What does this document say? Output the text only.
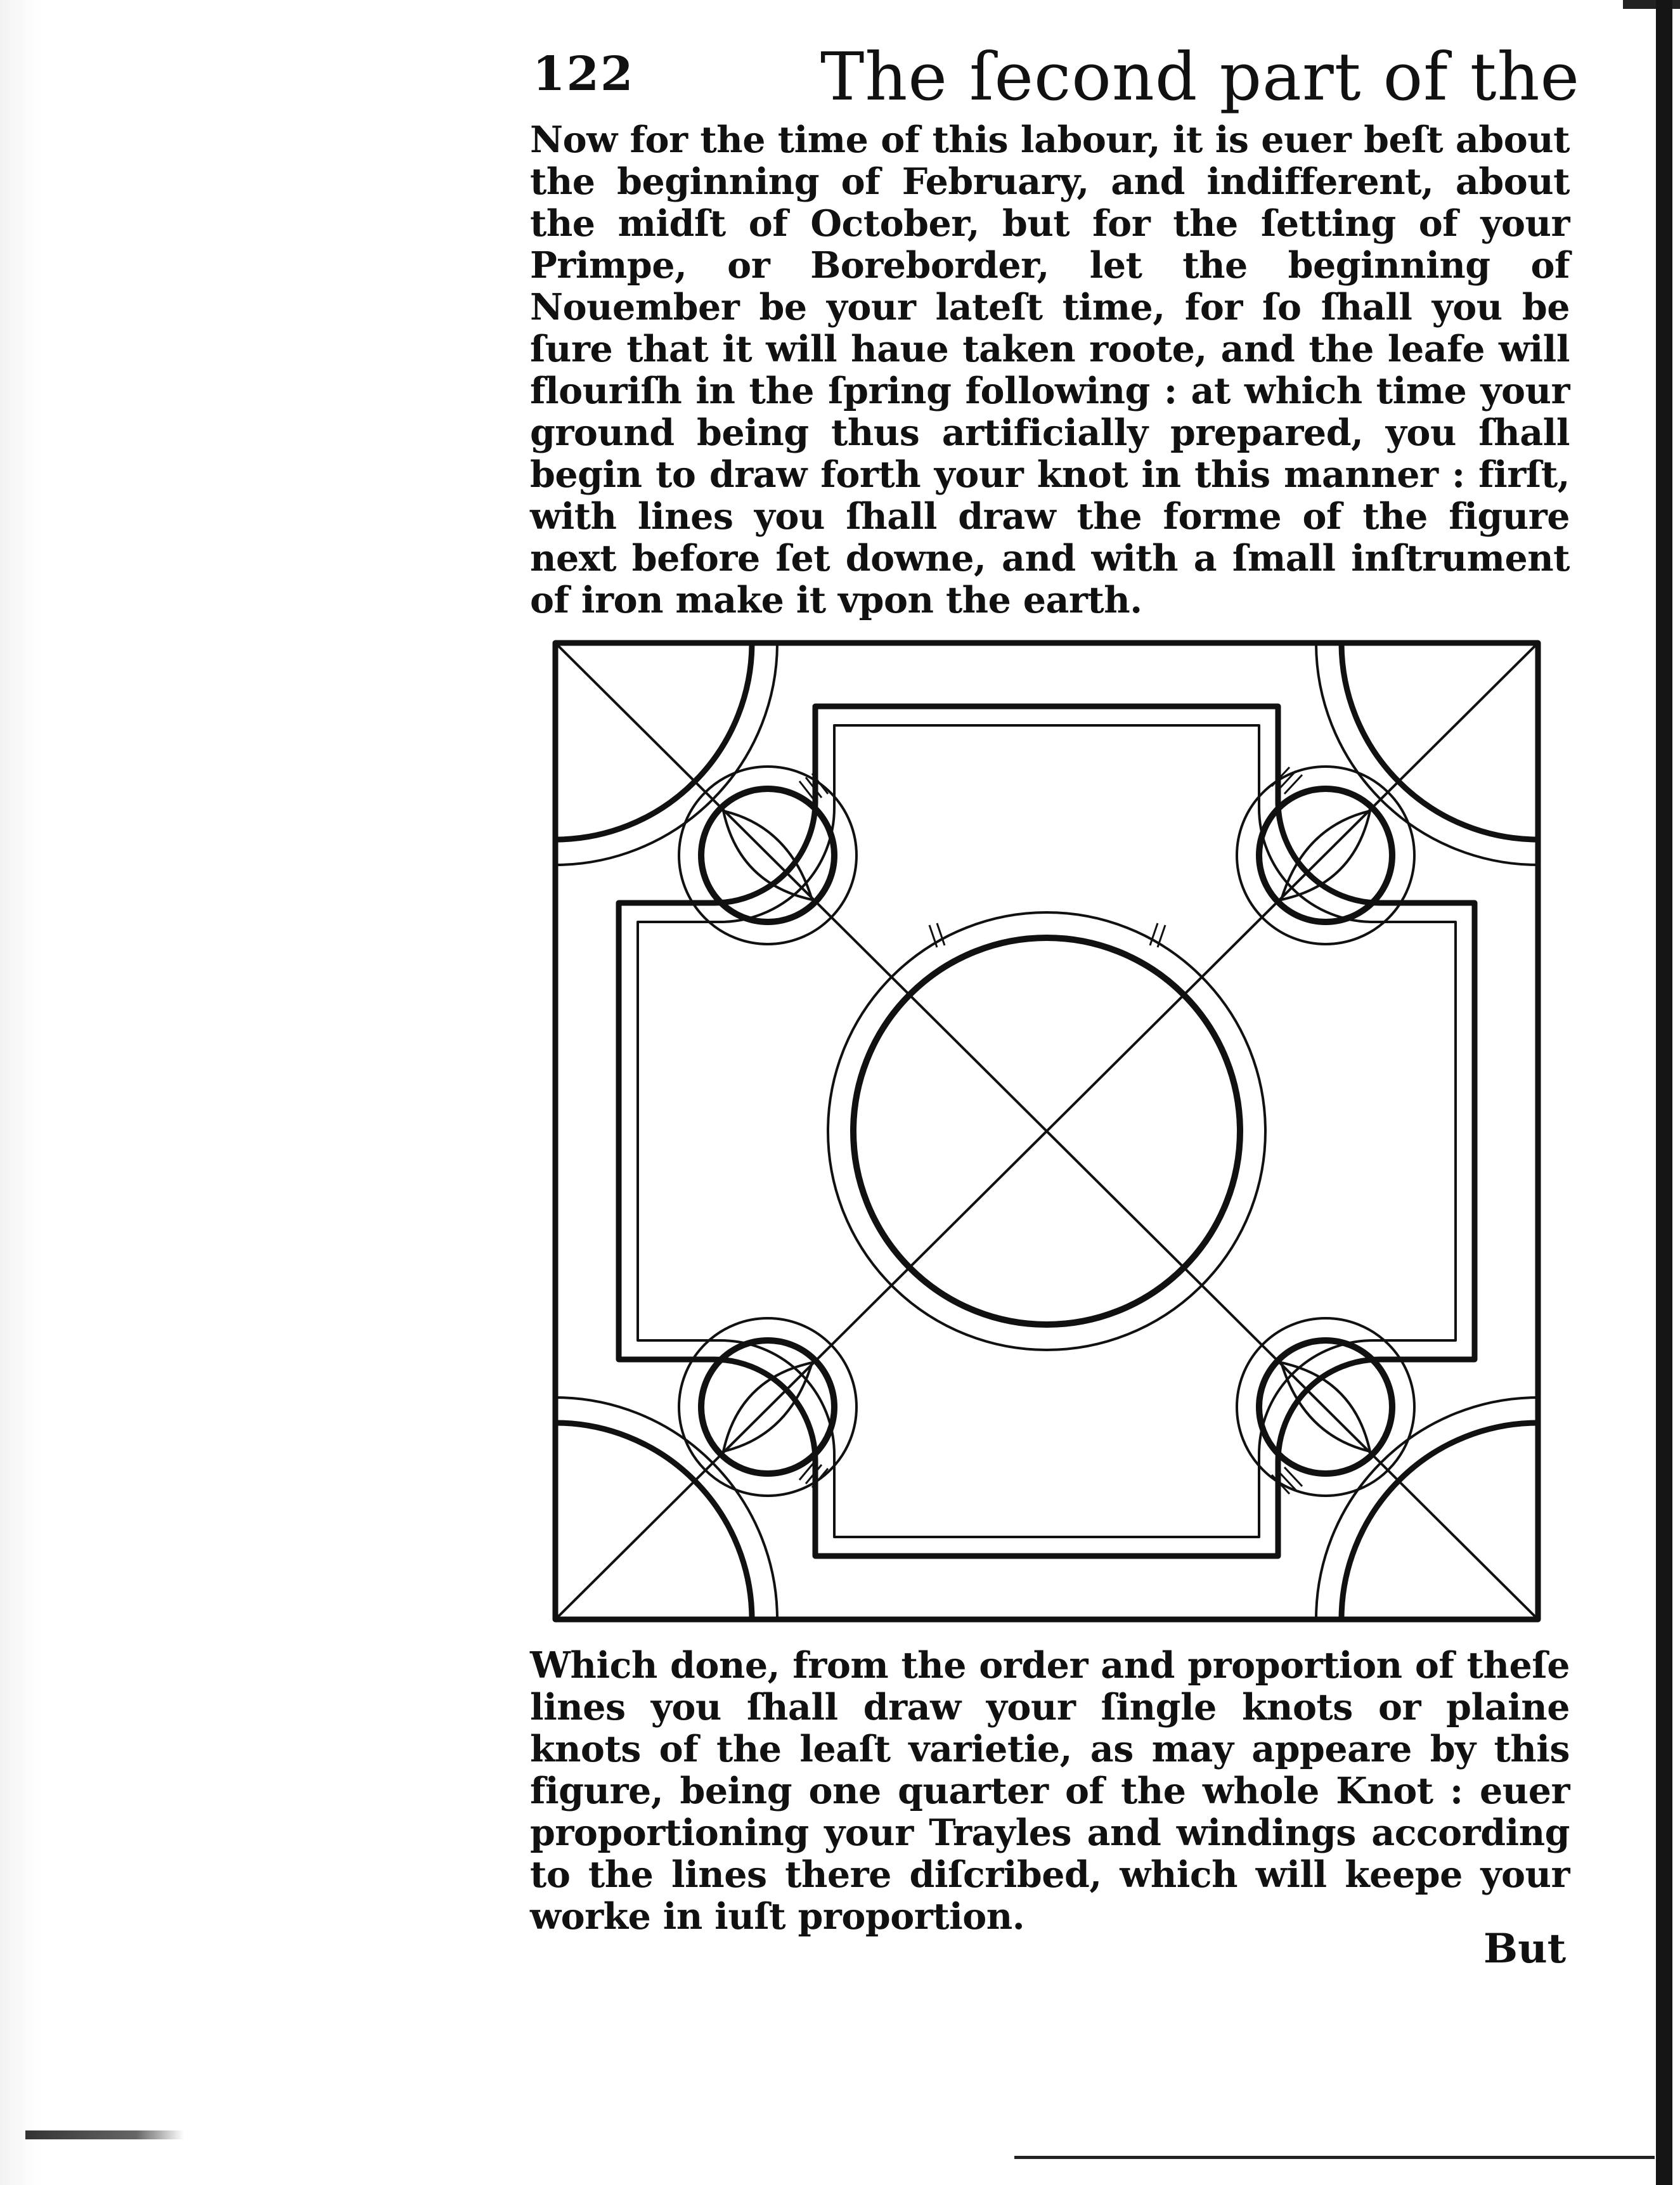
122	The ſecond part of the
Now for the time of this labour, it is euer beſt about the beginning of February, and indifferent, about the midſt of October, but for the ſetting of your Primpe, or Boreborder, let the beginning of Nouember be your lateſt time, for ſo ſhall you be ſure that it will haue taken roote, and the leafe will flouriſh in the ſpring following : at which time your ground being thus artificially prepared, you ſhall begin to draw forth your knot in this manner : firſt, with lines you ſhall draw the forme of the figure next before ſet downe, and with a ſmall inſtrument of iron make it vpon the earth.
Which done, from the order and proportion of theſe lines you ſhall draw your ſingle knots or plaine knots of the leaſt varietie, as may appeare by this figure, being one quarter of the whole Knot : euer proportioning your Trayles and windings according to the lines there diſcribed, which will keepe your worke in iuſt proportion.
But
